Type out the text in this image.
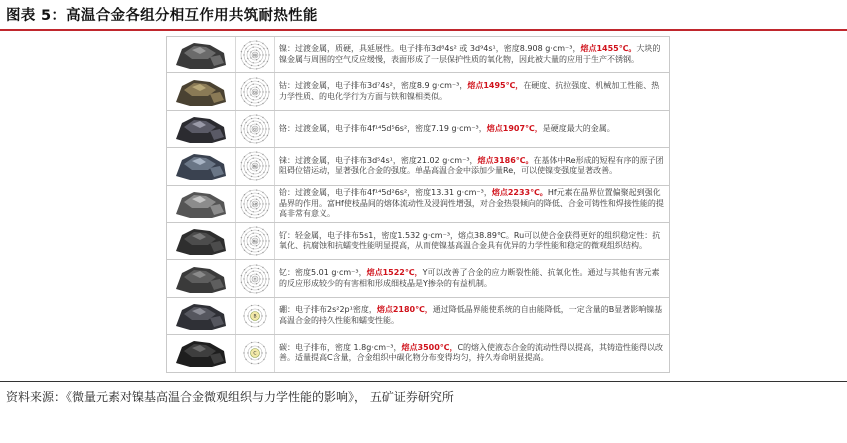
图表 5：高温合金各组分相互作用共筑耐热性能
Ni

镍：过渡金属，质硬，具延展性。电子排布3d⁸4s² 或 3d⁹4s¹，密度8.908 g·cm⁻³，熔点1455℃。大块的镍金属与周围的空气反应缓慢，表面形成了一层保护性质的氧化物，因此被大量的应用于生产不锈钢。

Co

钴：过渡金属，电子排布3d⁷4s²，密度8.9 g·cm⁻³，熔点1495℃，在硬度、抗拉强度、机械加工性能、热力学性质、的电化学行为方面与铁和镍相类似。

Cr	铬：过渡金属，电子排布4f¹⁴5d⁵6s²，密度7.19 g·cm⁻³，熔点1907℃，是硬度最大的金属。

Re

铼：过渡金属，电子排布3d⁵4s¹，密度21.02 g·cm⁻³，熔点3186℃。在基体中Re形成的短程有序的原子团阻碍位错运动，显著强化合金的强度。单晶高温合金中添加少量Re，可以使镍变强度显著改善。

Hf

铪：过渡金属，电子排布4f¹⁴5d²6s²，密度13.31 g·cm⁻³，熔点2233℃。Hf元素在晶界位置偏聚起到强化晶界的作用。富Hf使枝晶间的熔体流动性及浸润性增强，对合金热裂倾向的降低、合金可铸性和焊接性能的提高非常有意义。

Ru

钌：轻金属，电子排布5s1，密度1.532 g·cm⁻³，熔点38.89℃。Ru可以使合金获得更好的组织稳定性：抗氧化、抗腐蚀和抗蠕变性能明显提高，从而使镍基高温合金具有优异的力学性能和稳定的微观组织结构。

Y

钇：密度5.01 g·cm⁻³，熔点1522℃，Y可以改善了合金的应力断裂性能、抗氧化性。通过与其他有害元素的反应形成较少的有害相和形成细枝晶是Y掺杂的有益机制。

B

硼：电子排布2s²2p¹密度，熔点2180℃，通过降低晶界能使系统的自由能降低，一定含量的B显著影响镍基高温合金的持久性能和蠕变性能。

C

碳：电子排布，密度 1.8g·cm⁻³，熔点3500℃，C的熔入使液态合金的流动性得以提高，其铸造性能得以改善。适量提高C含量，合金组织中碳化物分布变得均匀，持久寿命明显提高。

资料来源：《微量元素对镍基高温合金微观组织与力学性能的影响》， 五矿证券研究所
